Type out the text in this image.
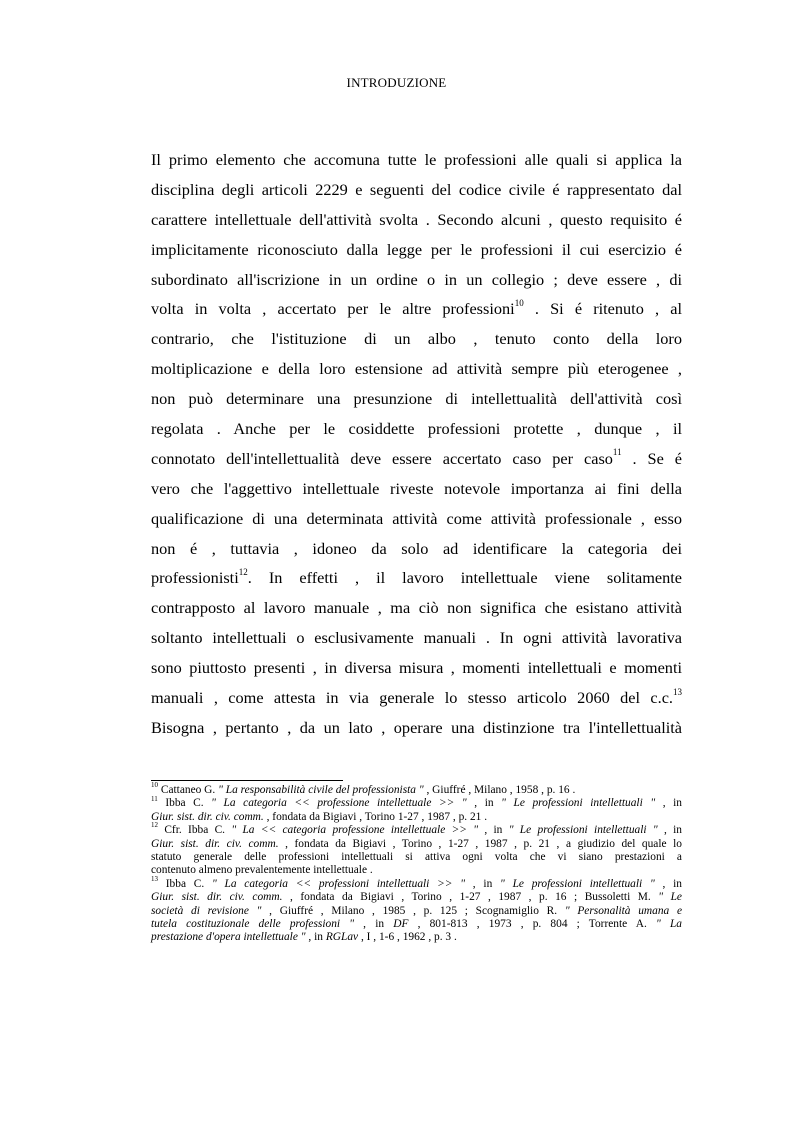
INTRODUZIONE
Il primo elemento che accomuna tutte le professioni alle quali si applica la
disciplina degli articoli 2229 e seguenti del codice civile é rappresentato dal
carattere intellettuale dell'attività svolta . Secondo alcuni , questo requisito é
implicitamente riconosciuto dalla legge per le professioni il cui esercizio é
subordinato all'iscrizione in un ordine o in un collegio ; deve essere , di
volta in volta , accertato per le altre professioni$^{10}$ . Si é ritenuto , al
contrario, che l'istituzione di un albo , tenuto conto della loro
moltiplicazione e della loro estensione ad attività sempre più eterogenee ,
non può determinare una presunzione di intellettualità dell'attività così
regolata . Anche per le cosiddette professioni protette , dunque , il
connotato dell'intellettualità deve essere accertato caso per caso$^{11}$ . Se é
vero che l'aggettivo intellettuale riveste notevole importanza ai fini della
qualificazione di una determinata attività come attività professionale , esso
non é , tuttavia , idoneo da solo ad identificare la categoria dei
professionisti$^{12}$. In effetti , il lavoro intellettuale viene solitamente
contrapposto al lavoro manuale , ma ciò non significa che esistano attività
soltanto intellettuali o esclusivamente manuali . In ogni attività lavorativa
sono piuttosto presenti , in diversa misura , momenti intellettuali e momenti
manuali , come attesta in via generale lo stesso articolo 2060 del c.c.$^{13}$
Bisogna , pertanto , da un lato , operare una distinzione tra l'intellettualità
$^{10}$ Cattaneo G. " La responsabilità civile del professionista " , Giuffré , Milano , 1958 , p. 16 .
$^{11}$ Ibba C. " La categoria << professione intellettuale >> " , in " Le professioni intellettuali " , in
Giur. sist. dir. civ. comm. , fondata da Bigiavi , Torino 1-27 , 1987 , p. 21 .
$^{12}$ Cfr. Ibba C. " La << categoria professione intellettuale >> " , in " Le professioni intellettuali " , in
Giur. sist. dir. civ. comm. , fondata da Bigiavi , Torino , 1-27 , 1987 , p. 21 , a giudizio del quale lo
statuto generale delle professioni intellettuali si attiva ogni volta che vi siano prestazioni a
contenuto almeno prevalentemente intellettuale .
$^{13}$ Ibba C. " La categoria << professioni intellettuali >> " , in " Le professioni intellettuali " , in
Giur. sist. dir. civ. comm. , fondata da Bigiavi , Torino , 1-27 , 1987 , p. 16 ; Bussoletti M. " Le
società di revisione " , Giuffré , Milano , 1985 , p. 125 ; Scognamiglio R. " Personalità umana e
tutela costituzionale delle professioni " , in DF , 801-813 , 1973 , p. 804 ; Torrente A. " La
prestazione d'opera intellettuale " , in RGLav , I , 1-6 , 1962 , p. 3 .
